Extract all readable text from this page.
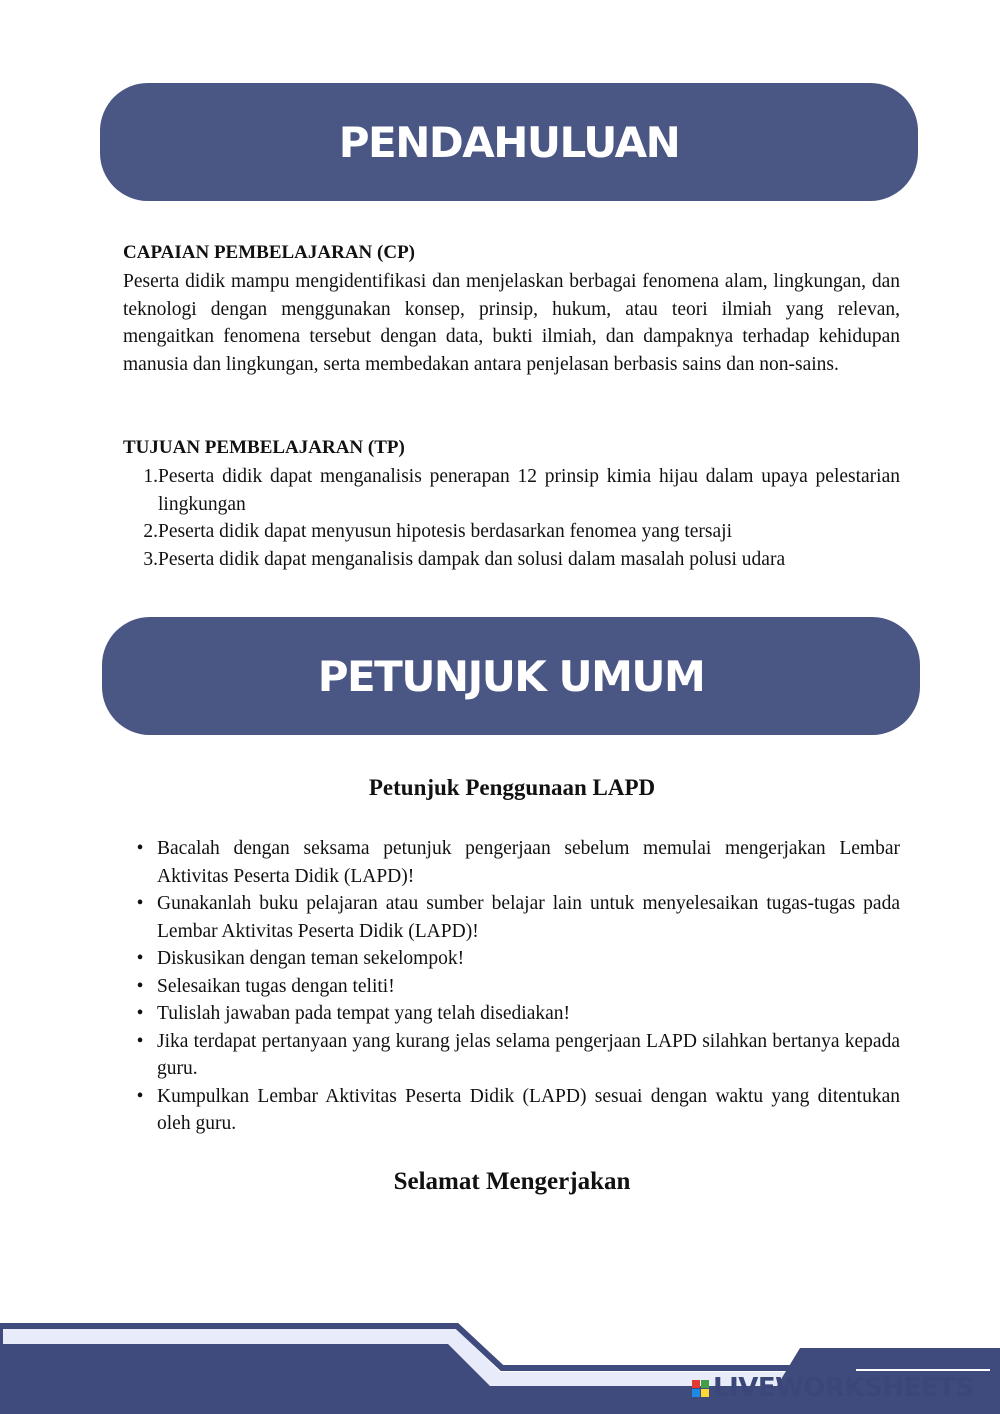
PENDAHULUAN
CAPAIAN PEMBELAJARAN (CP)

Peserta didik mampu mengidentifikasi dan menjelaskan berbagai fenomena alam, lingkungan, dan teknologi dengan menggunakan konsep, prinsip, hukum, atau teori ilmiah yang relevan, mengaitkan fenomena tersebut dengan data, bukti ilmiah, dan dampaknya terhadap kehidupan manusia dan lingkungan, serta membedakan antara penjelasan berbasis sains dan non-sains.

TUJUAN PEMBELAJARAN (TP)
1. Peserta didik dapat menganalisis penerapan 12 prinsip kimia hijau dalam upaya pelestarian lingkungan
2. Peserta didik dapat menyusun hipotesis berdasarkan fenomea yang tersaji
3. Peserta didik dapat menganalisis dampak dan solusi dalam masalah polusi udara
PETUNJUK UMUM
Petunjuk Penggunaan LAPD
• Bacalah dengan seksama petunjuk pengerjaan sebelum memulai mengerjakan Lembar Aktivitas Peserta Didik (LAPD)!
• Gunakanlah buku pelajaran atau sumber belajar lain untuk menyelesaikan tugas-tugas pada Lembar Aktivitas Peserta Didik (LAPD)!
• Diskusikan dengan teman sekelompok!
• Selesaikan tugas dengan teliti!
• Tulislah jawaban pada tempat yang telah disediakan!
• Jika terdapat pertanyaan yang kurang jelas selama pengerjaan LAPD silahkan bertanya kepada guru.
• Kumpulkan Lembar Aktivitas Peserta Didik (LAPD) sesuai dengan waktu yang ditentukan oleh guru.
Selamat Mengerjakan
LIVEWORKSHEETS
